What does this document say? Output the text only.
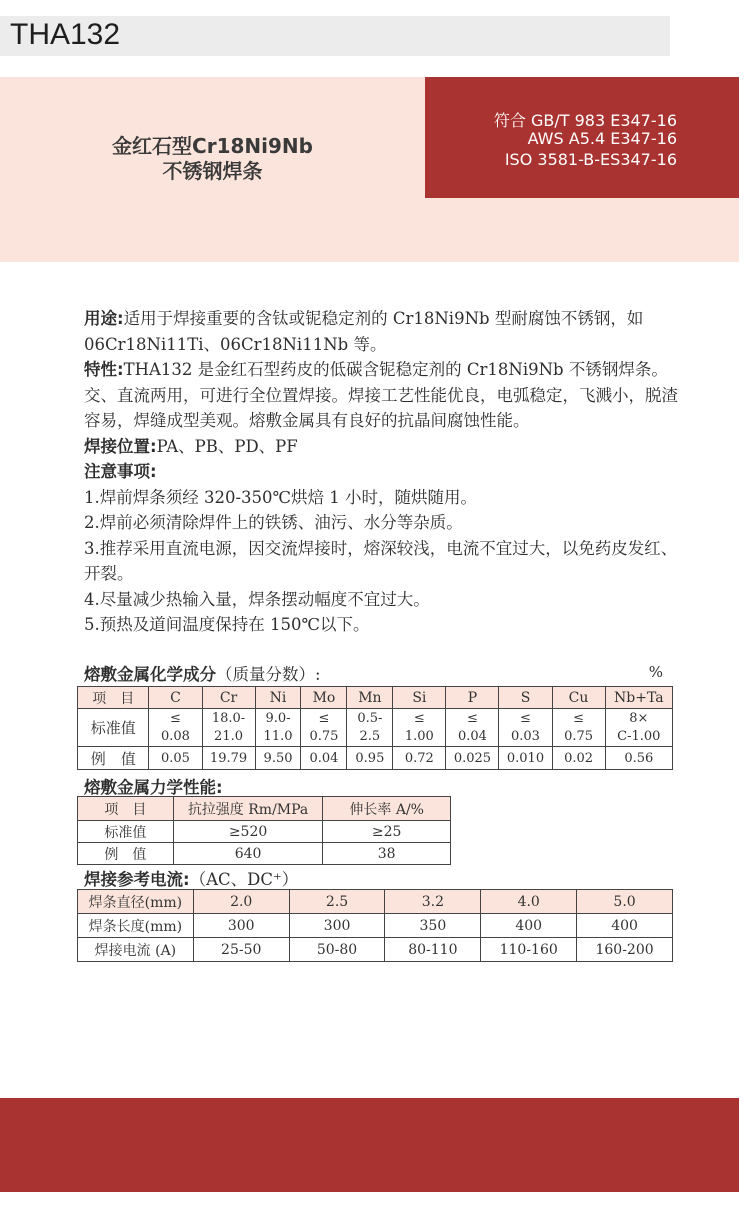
THA132
金红石型Cr18Ni9Nb
不锈钢焊条
符合 GB/T 983 E347-16
AWS A5.4 E347-16
ISO 3581-B-ES347-16

用途:适用于焊接重要的含钛或铌稳定剂的 Cr18Ni9Nb 型耐腐蚀不锈钢，如 06Cr18Ni11Ti、06Cr18Ni11Nb 等。

特性:THA132 是金红石型药皮的低碳含铌稳定剂的 Cr18Ni9Nb 不锈钢焊条。交、直流两用，可进行全位置焊接。焊接工艺性能优良，电弧稳定，飞溅小，脱渣容易，焊缝成型美观。熔敷金属具有良好的抗晶间腐蚀性能。

焊接位置:PA、PB、PD、PF

注意事项:

1.焊前焊条须经 320-350℃烘焙 1 小时，随烘随用。

2.焊前必须清除焊件上的铁锈、油污、水分等杂质。

3.推荐采用直流电源，因交流焊接时，熔深较浅，电流不宜过大，以免药皮发红、开裂。

4.尽量减少热输入量，焊条摆动幅度不宜过大。

5.预热及道间温度保持在 150℃以下。

熔敷金属化学成分（质量分数）:	%
项　目	C	Cr	Ni	Mo	Mn	Si	P	S	Cu	Nb+Ta
标准值	≤	18.0-	9.0-	≤	0.5-	≤	≤	≤	≤	8×
	0.08	21.0	11.0	0.75	2.5	1.00	0.04	0.03	0.75	C-1.00
例　值	0.05	19.79	9.50	0.04	0.95	0.72	0.025	0.010	0.02	0.56
熔敷金属力学性能:
项　目	抗拉强度 Rm/MPa	伸长率 A/%
标准值	≥520	≥25
例　值	640	38
焊接参考电流:（AC、DC⁺）
焊条直径(mm)	2.0	2.5	3.2	4.0	5.0
焊条长度(mm)	300	300	350	400	400
焊接电流 (A)	25-50	50-80	80-110	110-160	160-200
